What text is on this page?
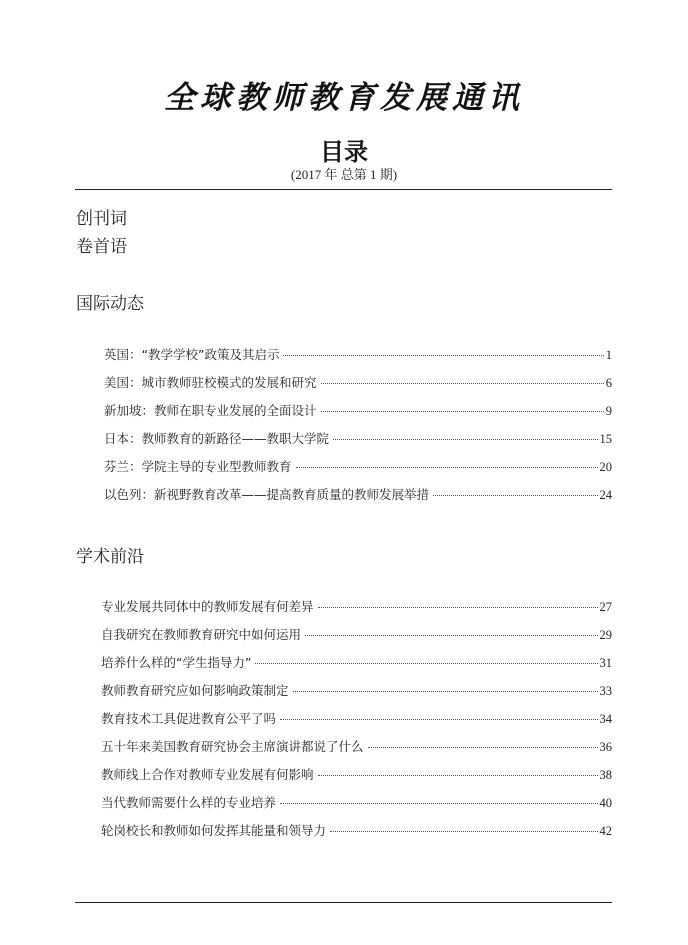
全球教师教育发展通讯
目录
(2017 年 总第 1 期)
创刊词
卷首语
国际动态
英国：“教学学校”政策及其启示	1
美国：城市教师驻校模式的发展和研究	6
新加坡：教师在职专业发展的全面设计	9
日本：教师教育的新路径——教职大学院	15
芬兰：学院主导的专业型教师教育	20
以色列：新视野教育改革——提高教育质量的教师发展举措	24
学术前沿
专业发展共同体中的教师发展有何差异	27
自我研究在教师教育研究中如何运用	29
培养什么样的“学生指导力”	31
教师教育研究应如何影响政策制定	33
教育技术工具促进教育公平了吗	34
五十年来美国教育研究协会主席演讲都说了什么	36
教师线上合作对教师专业发展有何影响	38
当代教师需要什么样的专业培养	40
轮岗校长和教师如何发挥其能量和领导力	42
